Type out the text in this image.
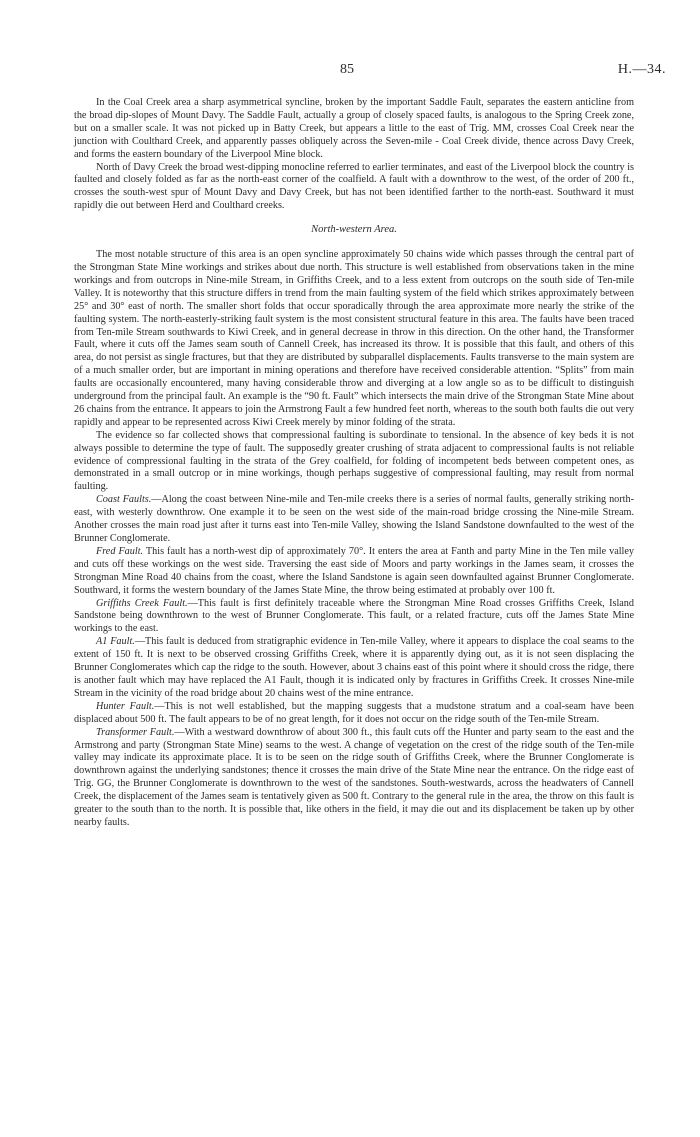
85	H.—34.

In the Coal Creek area a sharp asymmetrical syncline, broken by the important Saddle Fault, separates the eastern anticline from the broad dip-slopes of Mount Davy. The Saddle Fault, actually a group of closely spaced faults, is analogous to the Spring Creek zone, but on a smaller scale. It was not picked up in Batty Creek, but appears a little to the east of Trig. MM, crosses Coal Creek near the junction with Coulthard Creek, and apparently passes obliquely across the Seven-mile - Coal Creek divide, thence across Davy Creek, and forms the eastern boundary of the Liverpool Mine block.

North of Davy Creek the broad west-dipping monocline referred to earlier terminates, and east of the Liverpool block the country is faulted and closely folded as far as the north-east corner of the coalfield. A fault with a downthrow to the west, of the order of 200 ft., crosses the south-west spur of Mount Davy and Davy Creek, but has not been identified farther to the north-east. Southward it must rapidly die out between Herd and Coulthard creeks.

North-western Area.

The most notable structure of this area is an open syncline approximately 50 chains wide which passes through the central part of the Strongman State Mine workings and strikes about due north. This structure is well established from observations taken in the mine workings and from outcrops in Nine-mile Stream, in Griffiths Creek, and to a less extent from outcrops on the south side of Ten-mile Valley. It is noteworthy that this structure differs in trend from the main faulting system of the field which strikes approximately between 25° and 30° east of north. The smaller short folds that occur sporadically through the area approximate more nearly the strike of the faulting system. The north-easterly-striking fault system is the most consistent structural feature in this area. The faults have been traced from Ten-mile Stream southwards to Kiwi Creek, and in general decrease in throw in this direction. On the other hand, the Transformer Fault, where it cuts off the James seam south of Cannell Creek, has increased its throw. It is possible that this fault, and others of this area, do not persist as single fractures, but that they are distributed by subparallel displacements. Faults transverse to the main system are of a much smaller order, but are important in mining operations and therefore have received considerable attention. “Splits” from main faults are occasionally encountered, many having considerable throw and diverging at a low angle so as to be difficult to distinguish underground from the principal fault. An example is the “90 ft. Fault” which intersects the main drive of the Strongman State Mine about 26 chains from the entrance. It appears to join the Armstrong Fault a few hundred feet north, whereas to the south both faults die out very rapidly and appear to be represented across Kiwi Creek merely by minor folding of the strata.

The evidence so far collected shows that compressional faulting is subordinate to tensional. In the absence of key beds it is not always possible to determine the type of fault. The supposedly greater crushing of strata adjacent to compressional faults is not reliable evidence of compressional faulting in the strata of the Grey coalfield, for folding of incompetent beds between competent ones, as demonstrated in a small outcrop or in mine workings, though perhaps suggestive of compressional faulting, may result from normal faulting.

Coast Faults.—Along the coast between Nine-mile and Ten-mile creeks there is a series of normal faults, generally striking north-east, with westerly downthrow. One example it to be seen on the west side of the main-road bridge crossing the Nine-mile Stream. Another crosses the main road just after it turns east into Ten-mile Valley, showing the Island Sandstone downfaulted to the west of the Brunner Conglomerate.

Fred Fault. This fault has a north-west dip of approximately 70°. It enters the area at Fanth and party Mine in the Ten mile valley and cuts off these workings on the west side. Traversing the east side of Moors and party workings in the James seam, it crosses the Strongman Mine Road 40 chains from the coast, where the Island Sandstone is again seen downfaulted against Brunner Conglomerate. Southward, it forms the western boundary of the James State Mine, the throw being estimated at probably over 100 ft.

Griffiths Creek Fault.—This fault is first definitely traceable where the Strongman Mine Road crosses Griffiths Creek, Island Sandstone being downthrown to the west of Brunner Conglomerate. This fault, or a related fracture, cuts off the James State Mine workings to the east.

A1 Fault.—This fault is deduced from stratigraphic evidence in Ten-mile Valley, where it appears to displace the coal seams to the extent of 150 ft. It is next to be observed crossing Griffiths Creek, where it is apparently dying out, as it is not seen displacing the Brunner Conglomerates which cap the ridge to the south. However, about 3 chains east of this point where it should cross the ridge, there is another fault which may have replaced the A1 Fault, though it is indicated only by fractures in Griffiths Creek. It crosses Nine-mile Stream in the vicinity of the road bridge about 20 chains west of the mine entrance.

Hunter Fault.—This is not well established, but the mapping suggests that a mudstone stratum and a coal-seam have been displaced about 500 ft. The fault appears to be of no great length, for it does not occur on the ridge south of the Ten-mile Stream.

Transformer Fault.—With a westward downthrow of about 300 ft., this fault cuts off the Hunter and party seam to the east and the Armstrong and party (Strongman State Mine) seams to the west. A change of vegetation on the crest of the ridge south of the Ten-mile valley may indicate its approximate place. It is to be seen on the ridge south of Griffiths Creek, where the Brunner Conglomerate is downthrown against the underlying sandstones; thence it crosses the main drive of the State Mine near the entrance. On the ridge east of Trig. GG, the Brunner Conglomerate is downthrown to the west of the sandstones. South-westwards, across the headwaters of Cannell Creek, the displacement of the James seam is tentatively given as 500 ft. Contrary to the general rule in the area, the throw on this fault is greater to the south than to the north. It is possible that, like others in the field, it may die out and its displacement be taken up by other nearby faults.
